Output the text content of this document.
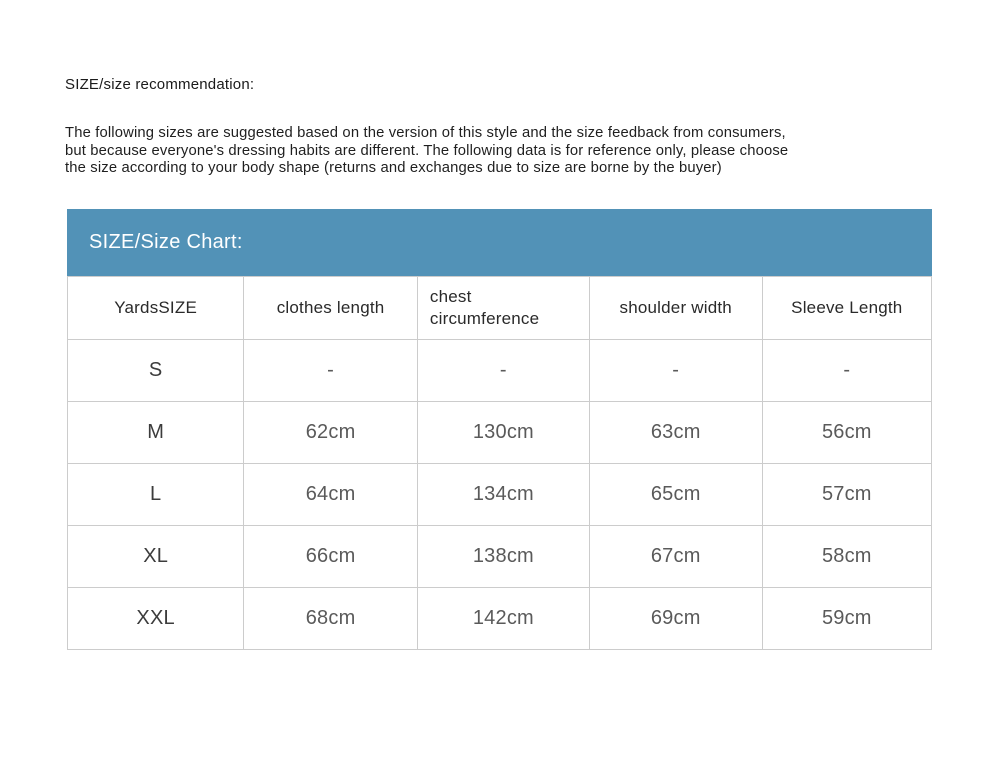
SIZE/size recommendation:
The following sizes are suggested based on the version of this style and the size feedback from consumers,
but because everyone's dressing habits are different. The following data is for reference only, please choose
the size according to your body shape (returns and exchanges due to size are borne by the buyer)
SIZE/Size Chart:
YardsSIZE	clothes length	chest circumference	shoulder width	Sleeve Length
S	-	-	-	-
M	62cm	130cm	63cm	56cm
L	64cm	134cm	65cm	57cm
XL	66cm	138cm	67cm	58cm
XXL	68cm	142cm	69cm	59cm
